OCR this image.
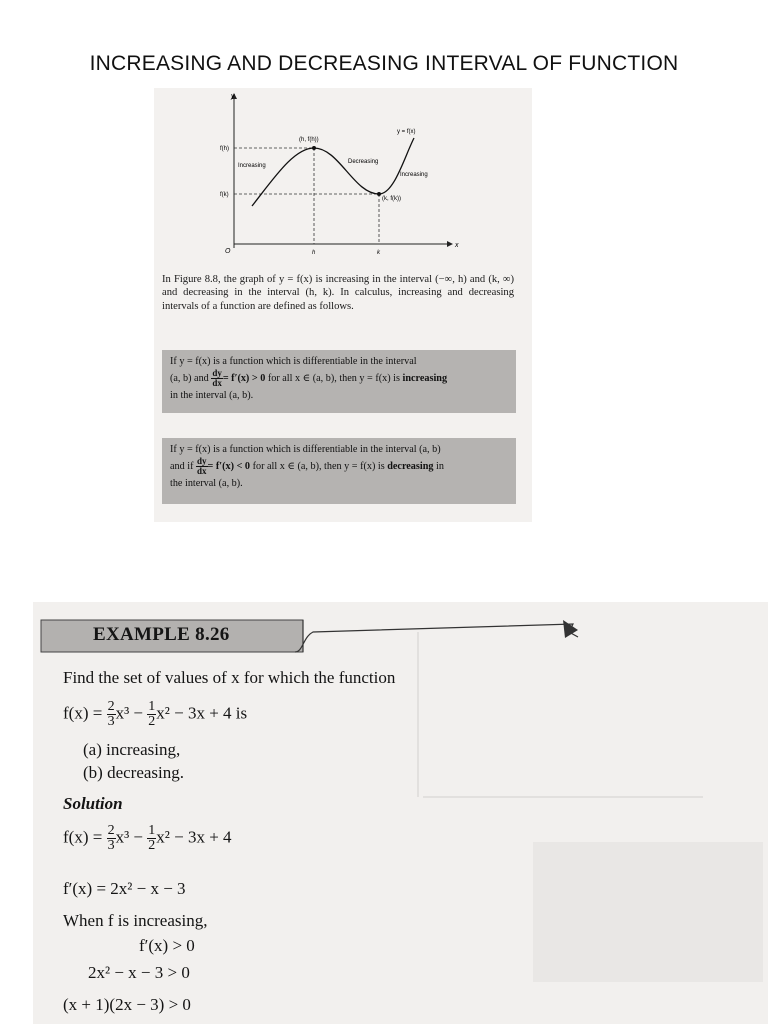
INCREASING AND DECREASING INTERVAL OF FUNCTION
y
x
O
f(h)
f(k)
h	k
(h, f(h))
(k, f(k))
y = f(x)
Increasing
Decreasing
Increasing
In Figure 8.8, the graph of y = f(x) is increasing in the interval (−∞, h) and (k, ∞) and decreasing in the interval (h, k). In calculus, increasing and decreasing intervals of a function are defined as follows.
If y = f(x) is a function which is differentiable in the interval
(a, b) and $\frac{dy}{dx} = f'(x) > 0$ for all x ∈ (a, b), then y = f(x) is increasing
in the interval (a, b).
If y = f(x) is a function which is differentiable in the interval (a, b)
and if $\frac{dy}{dx} = f'(x) < 0$ for all x ∈ (a, b), then y = f(x) is decreasing in
the interval (a, b).
EXAMPLE 8.26
Find the set of values of x for which the function
$f(x) = \frac{2}{3} x^3 - \frac{1}{2} x^2 - 3x + 4$ is
(a) increasing,
(b) decreasing.
Solution
$f(x) = \frac{2}{3} x^3 - \frac{1}{2} x^2 - 3x + 4$
f′(x) = 2x² − x − 3
When f is increasing,
f′(x) > 0
2x² − x − 3 > 0
(x + 1)(2x − 3) > 0
